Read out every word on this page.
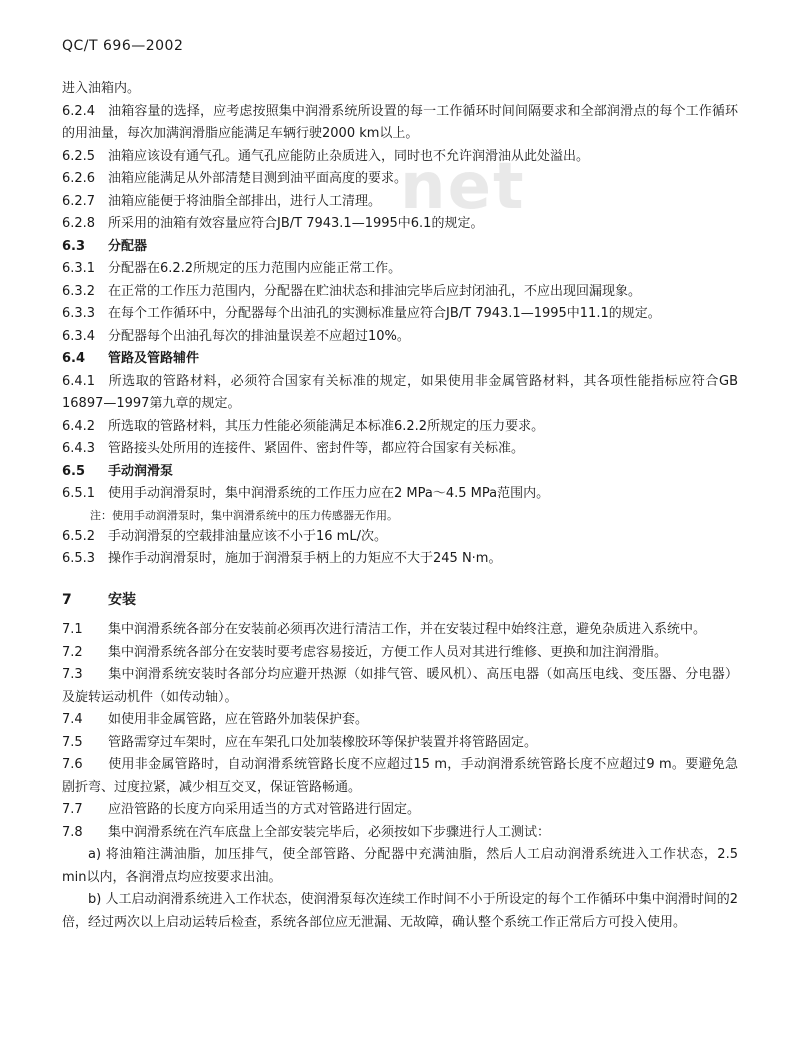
QC/T 696—2002
net

进入油箱内。

6.2.4 油箱容量的选择，应考虑按照集中润滑系统所设置的每一工作循环时间间隔要求和全部润滑点的每个工作循环的用油量，每次加满润滑脂应能满足车辆行驶2000 km以上。

6.2.5 油箱应该设有通气孔。通气孔应能防止杂质进入，同时也不允许润滑油从此处溢出。

6.2.6 油箱应能满足从外部清楚目测到油平面高度的要求。

6.2.7 油箱应能便于将油脂全部排出，进行人工清理。

6.2.8 所采用的油箱有效容量应符合JB/T 7943.1—1995中6.1的规定。

6.3 分配器

6.3.1 分配器在6.2.2所规定的压力范围内应能正常工作。

6.3.2 在正常的工作压力范围内，分配器在贮油状态和排油完毕后应封闭油孔，不应出现回漏现象。

6.3.3 在每个工作循环中，分配器每个出油孔的实测标准量应符合JB/T 7943.1—1995中11.1的规定。

6.3.4 分配器每个出油孔每次的排油量误差不应超过10%。

6.4 管路及管路辅件

6.4.1 所选取的管路材料，必须符合国家有关标准的规定，如果使用非金属管路材料，其各项性能指标应符合GB 16897—1997第九章的规定。

6.4.2 所选取的管路材料，其压力性能必须能满足本标准6.2.2所规定的压力要求。

6.4.3 管路接头处所用的连接件、紧固件、密封件等，都应符合国家有关标准。

6.5 手动润滑泵

6.5.1 使用手动润滑泵时，集中润滑系统的工作压力应在2 MPa～4.5 MPa范围内。

注：使用手动润滑泵时，集中润滑系统中的压力传感器无作用。

6.5.2 手动润滑泵的空载排油量应该不小于16 mL/次。

6.5.3 操作手动润滑泵时，施加于润滑泵手柄上的力矩应不大于245 N·m。

7	安装

7.1 集中润滑系统各部分在安装前必须再次进行清洁工作，并在安装过程中始终注意，避免杂质进入系统中。

7.2 集中润滑系统各部分在安装时要考虑容易接近，方便工作人员对其进行维修、更换和加注润滑脂。

7.3 集中润滑系统安装时各部分均应避开热源（如排气管、暖风机）、高压电器（如高压电线、变压器、分电器）及旋转运动机件（如传动轴）。

7.4 如使用非金属管路，应在管路外加装保护套。

7.5 管路需穿过车架时，应在车架孔口处加装橡胶环等保护装置并将管路固定。

7.6 使用非金属管路时，自动润滑系统管路长度不应超过15 m，手动润滑系统管路长度不应超过9 m。要避免急剧折弯、过度拉紧，减少相互交叉，保证管路畅通。

7.7 应沿管路的长度方向采用适当的方式对管路进行固定。

7.8 集中润滑系统在汽车底盘上全部安装完毕后，必须按如下步骤进行人工测试：

a) 将油箱注满油脂，加压排气，使全部管路、分配器中充满油脂，然后人工启动润滑系统进入工作状态，2.5 min以内，各润滑点均应按要求出油。

b) 人工启动润滑系统进入工作状态，使润滑泵每次连续工作时间不小于所设定的每个工作循环中集中润滑时间的2倍，经过两次以上启动运转后检查，系统各部位应无泄漏、无故障，确认整个系统工作正常后方可投入使用。
